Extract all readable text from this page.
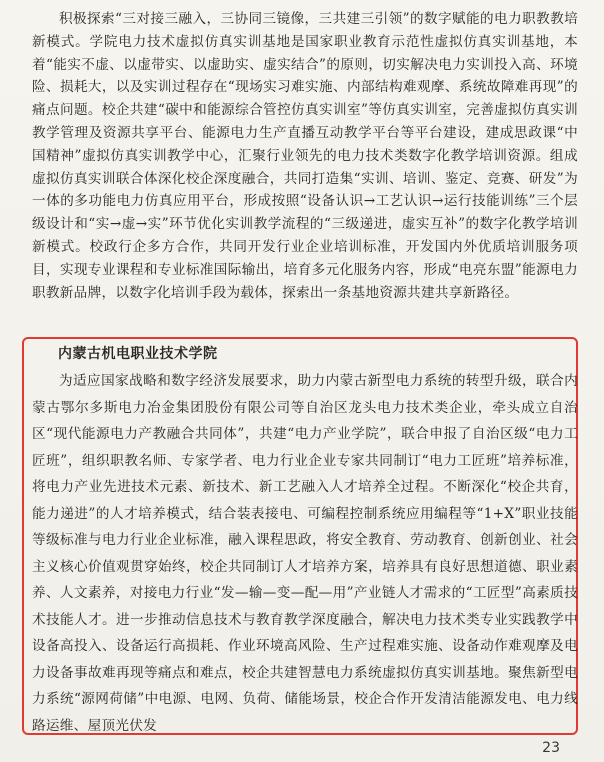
积极探索“三对接三融入，三协同三镜像，三共建三引领”的数字赋能的电力职教教培新模式。学院电力技术虚拟仿真实训基地是国家职业教育示范性虚拟仿真实训基地，本着“能实不虚、以虚带实、以虚助实、虚实结合”的原则，切实解决电力实训投入高、环境险、损耗大，以及实训过程存在“现场实习难实施、内部结构难观摩、系统故障难再现”的痛点问题。校企共建“碳中和能源综合管控仿真实训室”等仿真实训室，完善虚拟仿真实训教学管理及资源共享平台、能源电力生产直播互动教学平台等平台建设，建成思政课“中国精神”虚拟仿真实训教学中心，汇聚行业领先的电力技术类数字化教学培训资源。组成虚拟仿真实训联合体深化校企深度融合，共同打造集“实训、培训、鉴定、竞赛、研发”为一体的多功能电力仿真应用平台，形成按照“设备认识→工艺认识→运行技能训练”三个层级设计和“实→虚→实”环节优化实训教学流程的“三级递进，虚实互补”的数字化教学培训新模式。校政行企多方合作，共同开发行业企业培训标准，开发国内外优质培训服务项目，实现专业课程和专业标准国际输出，培育多元化服务内容，形成“电亮东盟”能源电力职教新品牌，以数字化培训手段为载体，探索出一条基地资源共建共享新路径。

内蒙古机电职业技术学院

为适应国家战略和数字经济发展要求，助力内蒙古新型电力系统的转型升级，联合内蒙古鄂尔多斯电力冶金集团股份有限公司等自治区龙头电力技术类企业，牵头成立自治区“现代能源电力产教融合共同体”，共建“电力产业学院”，联合申报了自治区级“电力工匠班”，组织职教名师、专家学者、电力行业企业专家共同制订“电力工匠班”培养标准，将电力产业先进技术元素、新技术、新工艺融入人才培养全过程。不断深化“校企共育，能力递进”的人才培养模式，结合装表接电、可编程控制系统应用编程等“1+X”职业技能等级标准与电力行业企业标准，融入课程思政，将安全教育、劳动教育、创新创业、社会主义核心价值观贯穿始终，校企共同制订人才培养方案，培养具有良好思想道德、职业素养、人文素养，对接电力行业“发—输—变—配—用”产业链人才需求的“工匠型”高素质技术技能人才。进一步推动信息技术与教育教学深度融合，解决电力技术类专业实践教学中设备高投入、设备运行高损耗、作业环境高风险、生产过程难实施、设备动作难观摩及电力设备事故难再现等痛点和难点，校企共建智慧电力系统虚拟仿真实训基地。聚焦新型电力系统“源网荷储”中电源、电网、负荷、储能场景，校企合作开发清洁能源发电、电力线路运维、屋顶光伏发

23
